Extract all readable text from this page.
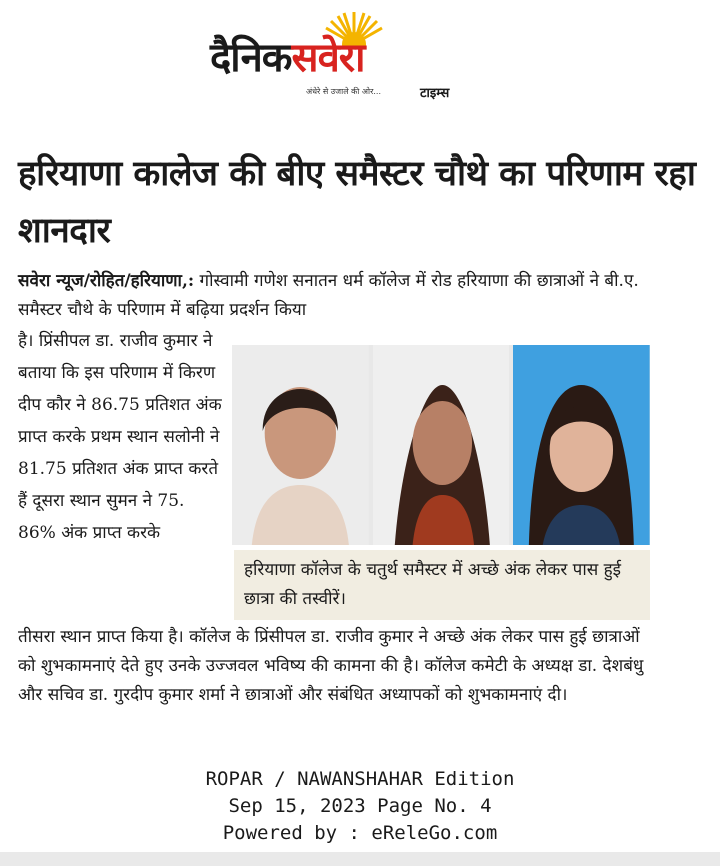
दैनिकसवेरा
अंधेरे से उजाले की ओर...	टाइम्स
हरियाणा कालेज की बीए समैस्टर चौथे का परिणाम रहा शानदार

सवेरा न्यूज/रोहित/हरियाणा,: गोस्वामी गणेश सनातन धर्म कॉलेज में रोड हरियाणा की छात्राओं ने बी.ए. समैस्टर चौथे के परिणाम में बढ़िया प्रदर्शन किया

है। प्रिंसीपल डा. राजीव कुमार ने बताया कि इस परिणाम में किरण दीप कौर ने 86.75 प्रतिशत अंक प्राप्त करके प्रथम स्थान सलोनी ने 81.75 प्रतिशत अंक प्राप्त करते हैं दूसरा स्थान सुमन ने 75. 86% अंक प्राप्त करके

हरियाणा कॉलेज के चतुर्थ समैस्टर में अच्छे अंक लेकर पास हुई छात्रा की तस्वीरें।

तीसरा स्थान प्राप्त किया है। कॉलेज के प्रिंसीपल डा. राजीव कुमार ने अच्छे अंक लेकर पास हुई छात्राओं को शुभकामनाएं देते हुए उनके उज्जवल भविष्य की कामना की है। कॉलेज कमेटी के अध्यक्ष डा. देशबंधु और सचिव डा. गुरदीप कुमार शर्मा ने छात्राओं और संबंधित अध्यापकों को शुभकामनाएं दी।

ROPAR / NAWANSHAHAR Edition
Sep 15, 2023 Page No. 4
Powered by : eReleGo.com
